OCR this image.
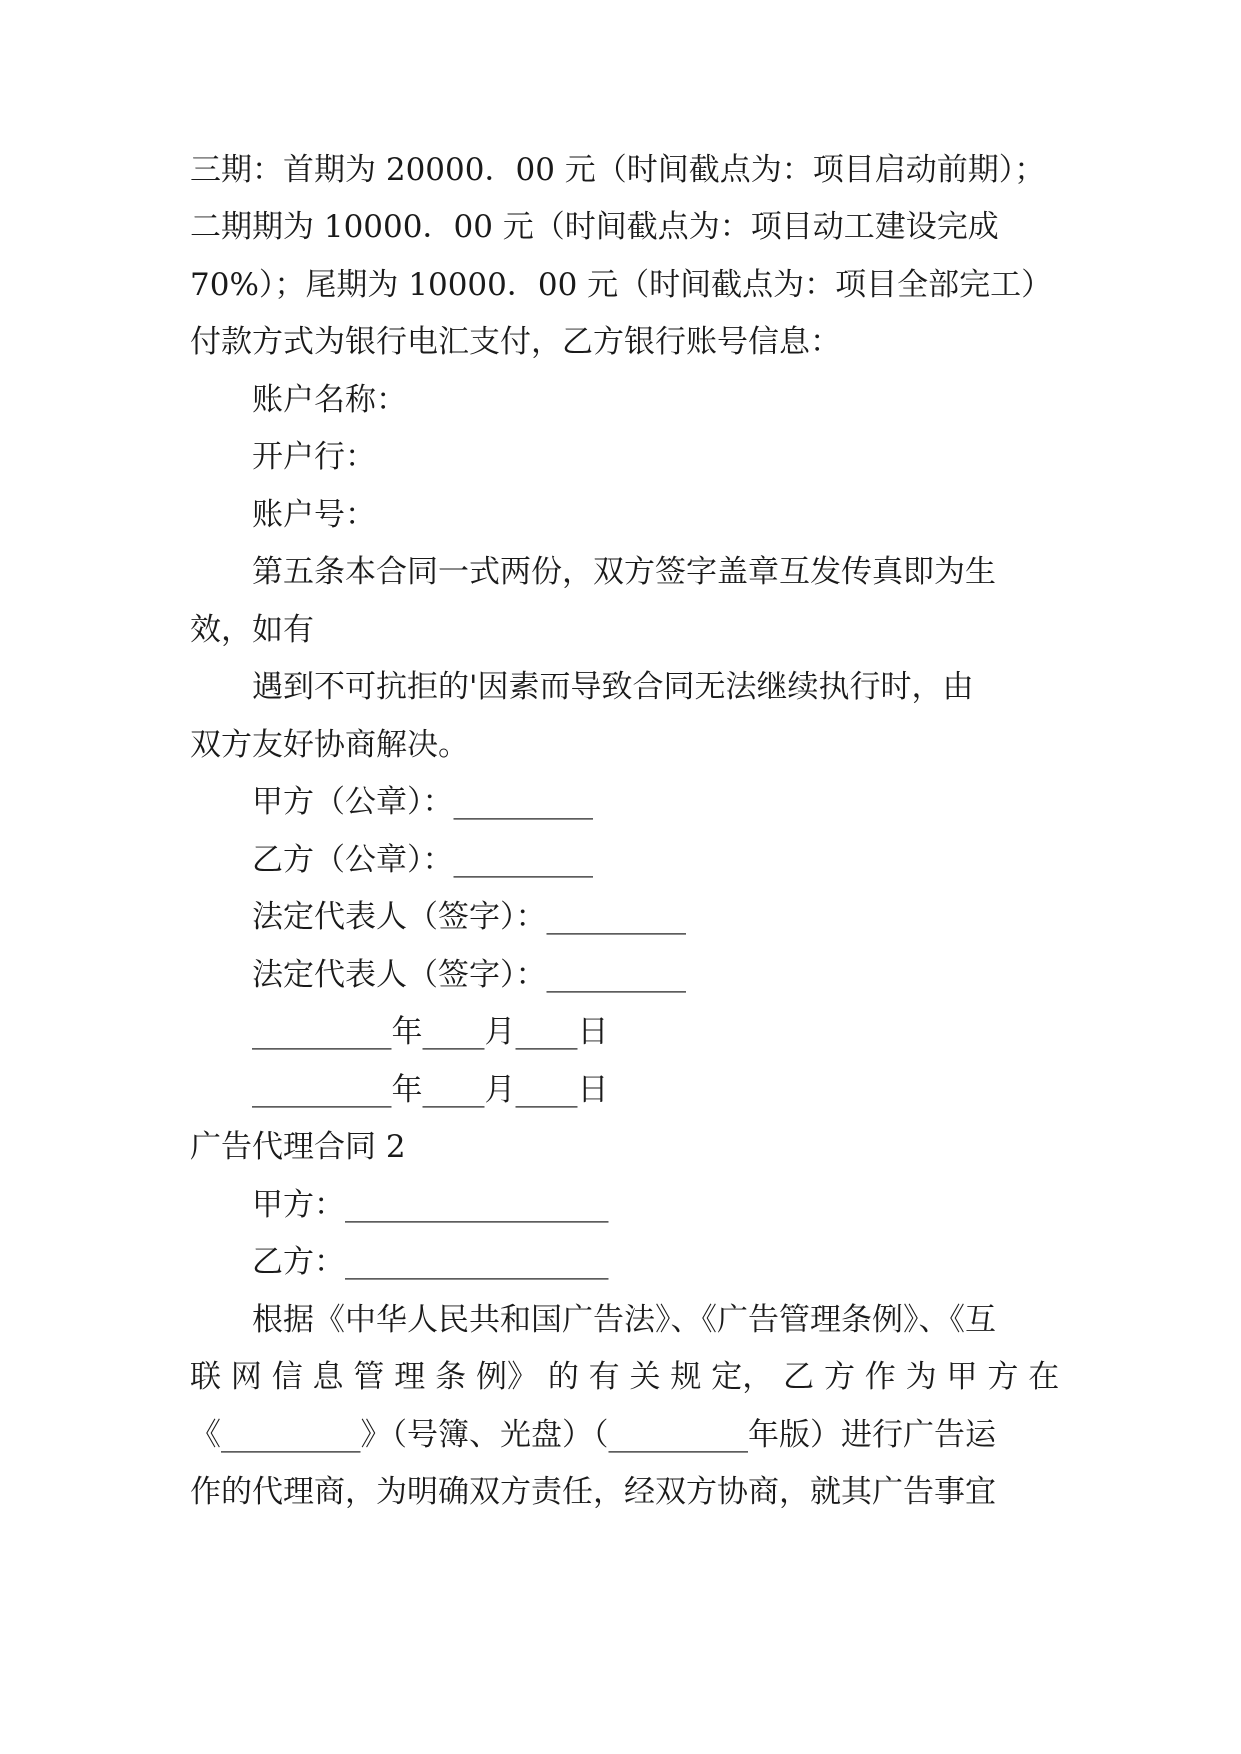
三期：首期为 20000．00 元（时间截点为：项目启动前期）；
二期期为 10000．00 元（时间截点为：项目动工建设完成
70%）；尾期为 10000．00 元（时间截点为：项目全部完工）
付款方式为银行电汇支付，乙方银行账号信息：
账户名称：
开户行：
账户号：
第五条本合同一式两份，双方签字盖章互发传真即为生
效，如有
遇到不可抗拒的'因素而导致合同无法继续执行时，由
双方友好协商解决。
甲方（公章）：_________
乙方（公章）：_________
法定代表人（签字）：_________
法定代表人（签字）：_________
_________年____月____日
_________年____月____日
广告代理合同 2
甲方：_________________
乙方：_________________
根据《中华人民共和国广告法》、《广告管理条例》、《互
联 网 信 息 管 理 条 例》 的 有 关 规 定， 乙 方 作 为 甲 方 在
《_________》（号簿、光盘）（_________年版）进行广告运
作的代理商，为明确双方责任，经双方协商，就其广告事宜
